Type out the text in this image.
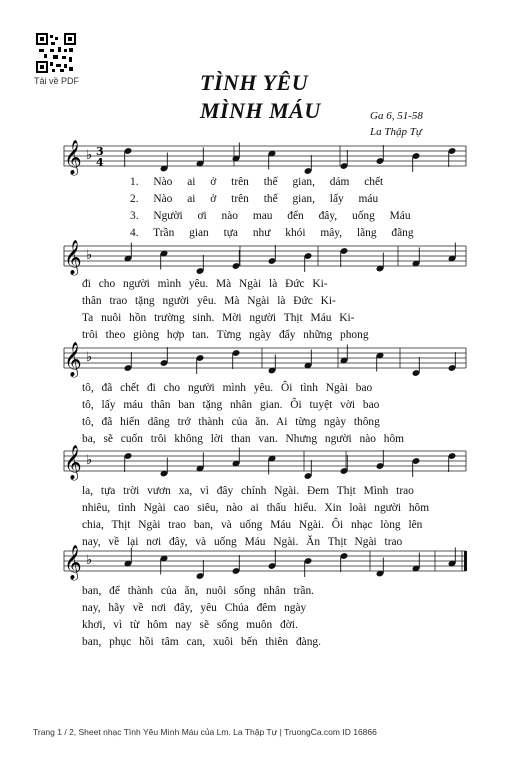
Tải về PDF	TÌNH YÊU
MÌNH MÁU	Ga 6, 51-58
La Thập Tự
𝄞 ♭ 3
4
𝄞 ♭
𝄞 ♭
𝄞 ♭
𝄞 ♭
1. Nào ai ở trên thế gian, dám chết
2. Nào ai ở trên thế gian, lấy máu
3. Người ơi nào mau đến đây, uống Máu
4. Trần gian tựa như khói mây, lãng đãng
đi cho người mình yêu. Mà Ngài là Đức Ki-
thân trao tặng người yêu. Mà Ngài là Đức Ki-
Ta nuôi hồn trường sinh. Mời người Thịt Máu Ki-
trôi theo giòng hợp tan. Từng ngày đẩy những phong
tô, đã chết đi cho người mình yêu. Ôi tình Ngài bao
tô, lấy máu thân ban tặng nhân gian. Ôi tuyệt vời bao
tô, đã hiến dâng trở thành của ăn. Ai từng ngày thông
ba, sẽ cuốn trôi không lời than van. Nhưng người nào hôm
la, tựa trời vươn xa, vì đây chính Ngài. Đem Thịt Mình trao
nhiêu, tình Ngài cao siêu, nào ai thấu hiểu. Xin loài người hôm
chia, Thịt Ngài trao ban, và uống Máu Ngài. Ôi nhạc lòng lên
nay, về lại nơi đây, và uống Máu Ngài. Ăn Thịt Ngài trao
ban, để thành của ăn, nuôi sống nhân trần.
nay, hãy về nơi đây, yêu Chúa đêm ngày
khơi, vì từ hôm nay sẽ sống muôn đời.
ban, phục hồi tâm can, xuôi bến thiên đàng.
Trang 1 / 2, Sheet nhạc Tình Yêu Mình Máu của Lm. La Thập Tự | TruongCa.com ID 16866
